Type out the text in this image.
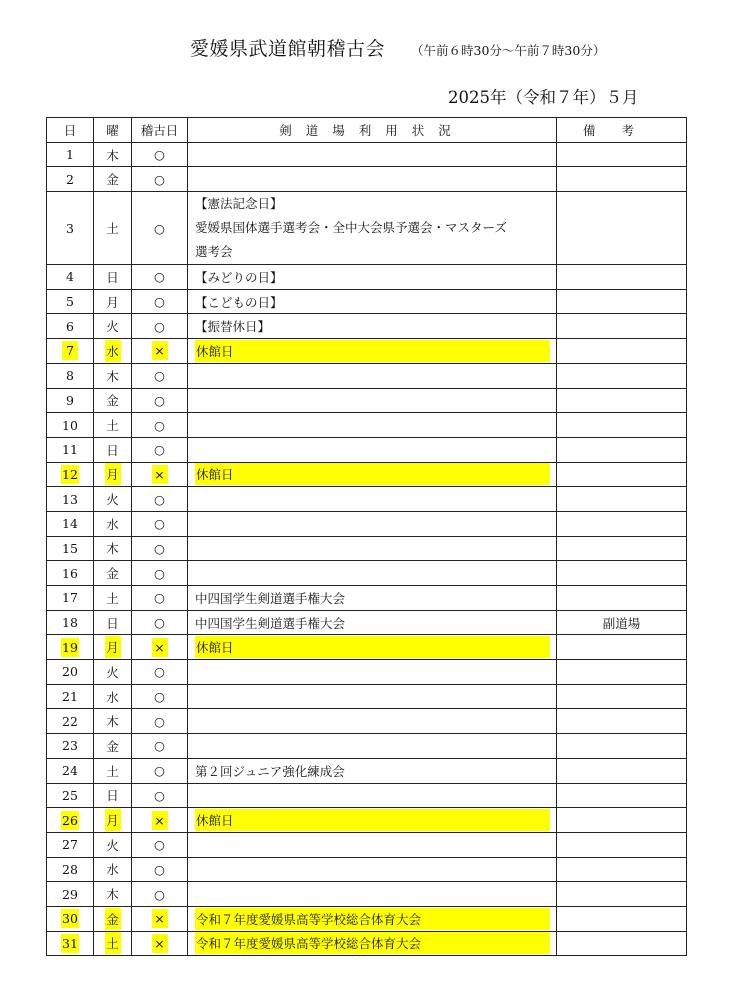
愛媛県武道館朝稽古会 （午前６時30分～午前７時30分）
2025年（令和７年）５月
日	曜	稽古日	剣道場利用状況	備考
1	木	○		
2	金	○		
3	土	○	【憲法記念日】
愛媛県国体選手選考会・全中大会県予選会・マスターズ
選考会	

4	日	○	【みどりの日】	
5	月	○	【こどもの日】	
6	火	○	【振替休日】	
7	水	×	休館日	

8	木	○		
9	金	○		
10	土	○		
11	日	○		
12	月	×	休館日	

13	火	○		
14	水	○		
15	木	○		
16	金	○		
17	土	○	中四国学生剣道選手権大会	
18	日	○	中四国学生剣道選手権大会	副道場
19	月	×	休館日	

20	火	○		
21	水	○		
22	木	○		
23	金	○		
24	土	○	第２回ジュニア強化練成会	
25	日	○		
26	月	×	休館日	

27	火	○		
28	水	○		
29	木	○		
30	金	×	令和７年度愛媛県高等学校総合体育大会	

31	土	×	令和７年度愛媛県高等学校総合体育大会	
